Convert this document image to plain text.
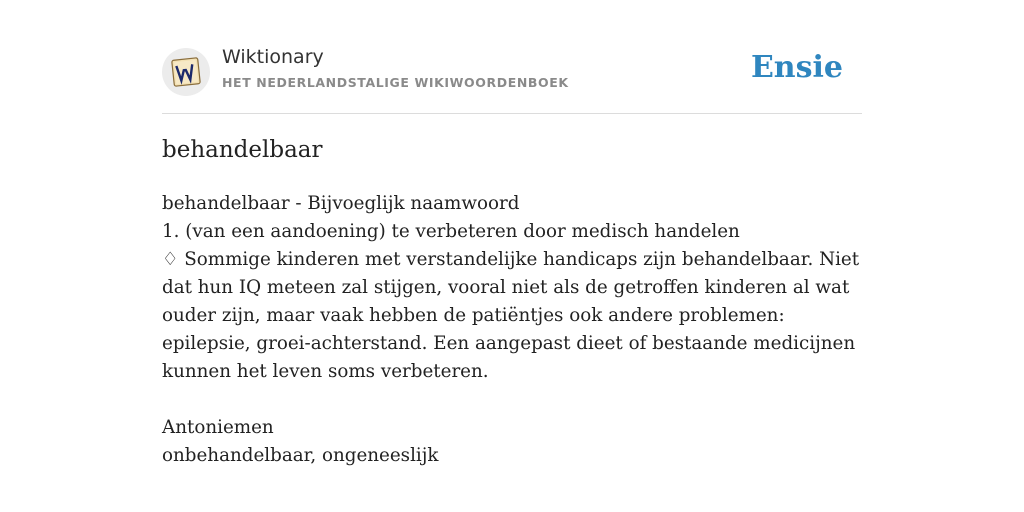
Wiktionary
HET NEDERLANDSTALIGE WIKIWOORDENBOEK	Ensie
behandelbaar

behandelbaar - Bijvoeglijk naamwoord

1. (van een aandoening) te verbeteren door medisch handelen

♢ Sommige kinderen met verstandelijke handicaps zijn behandelbaar. Niet dat hun IQ meteen zal stijgen, vooral niet als de getroffen kinderen al wat ouder zijn, maar vaak hebben de patiëntjes ook andere problemen: epilepsie, groei-achterstand. Een aangepast dieet of bestaande medicijnen kunnen het leven soms verbeteren.

Antoniemen

onbehandelbaar, ongeneeslijk
